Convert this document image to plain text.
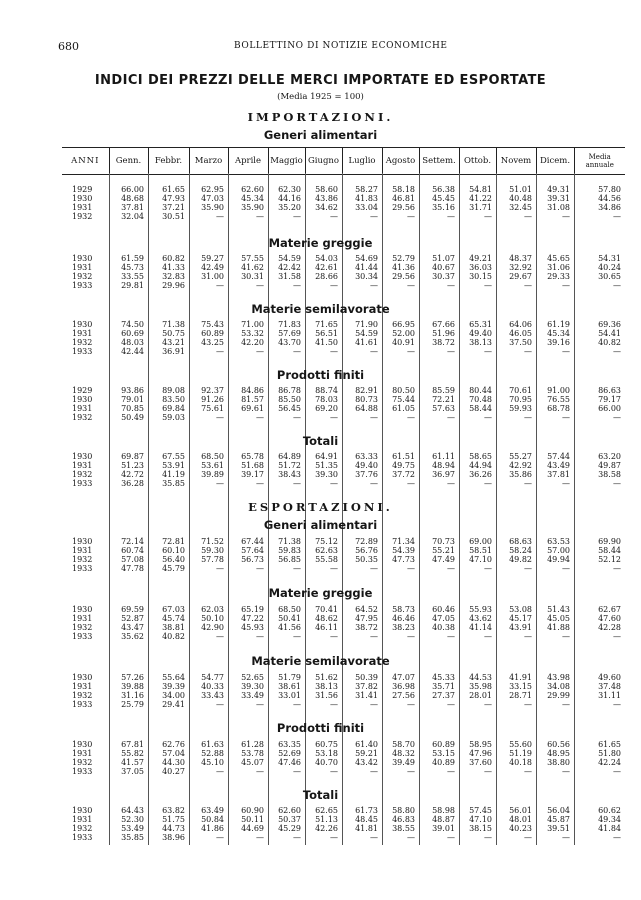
680	BOLLETTINO DI NOTIZIE ECONOMICHE
INDICI DEI PREZZI DELLE MERCI IMPORTATE ED ESPORTATE
(Media 1925 = 100)
IMPORTAZIONI.
Generi alimentari
ANNI	Genn.	Febbr.	Marzo	Aprile	Maggio	Giugno	Luglio	Agosto	Settem.	Ottob.	Novem	Dicem.	Media
annuale
1929	66.00	61.65	62.95	62.60	62.30	58.60	58.27	58.18	56.38	54.81	51.01	49.31	57.80
1930	48.68	47.93	47.03	45.34	44.16	43.86	41.83	46.81	45.45	41.22	40.48	39.31	44.56
1931	37.81	37.21	35.90	35.90	35.20	34.62	33.04	29.56	35.16	31.71	32.45	31.08	34.86
1932	32.04	30.51	—	—	—	—	—	—	—	—	—	—	—
Materie greggie
1930	61.59	60.82	59.27	57.55	54.59	54.03	54.69	52.79	51.07	49.21	48.37	45.65	54.31
1931	45.73	41.33	42.49	41.62	42.42	42.61	41.44	41.36	40.67	36.03	32.92	31.06	40.24
1932	33.55	32.83	31.00	30.31	31.58	28.66	30.34	29.56	30.37	30.15	29.67	29.33	30.65
1933	29.81	29.96	—	—	—	—	—	—	—	—	—	—	—
Materie semilavorate
1930	74.50	71.38	75.43	71.00	71.83	71.65	71.90	66.95	67.66	65.31	64.06	61.19	69.36
1931	60.69	50.75	60.89	53.32	57.69	56.51	54.59	52.00	51.96	49.40	46.05	45.34	54.41
1932	48.03	43.21	43.25	42.20	43.70	41.50	41.61	40.91	38.72	38.13	37.50	39.16	40.82
1933	42.44	36.91	—	—	—	—	—	—	—	—	—	—	—
Prodotti finiti
1929	93.86	89.08	92.37	84.86	86.78	88.74	82.91	80.50	85.59	80.44	70.61	91.00	86.63
1930	79.01	83.50	91.26	81.57	85.50	78.03	80.73	75.44	72.21	70.48	70.95	76.55	79.17
1931	70.85	69.84	75.61	69.61	56.45	69.20	64.88	61.05	57.63	58.44	59.93	68.78	66.00
1932	50.49	59.03	—	—	—	—	—	—	—	—	—	—	—
Totali
1930	69.87	67.55	68.50	65.78	64.89	64.91	63.33	61.51	61.11	58.65	55.27	57.44	63.20
1931	51.23	53.91	53.61	51.68	51.72	51.35	49.40	49.75	48.94	44.94	42.92	43.49	49.87
1932	42.72	41.19	39.89	39.17	38.43	39.30	37.76	37.72	36.97	36.26	35.86	37.81	38.58
1933	36.28	35.85	—	—	—	—	—	—	—	—	—	—	—
ESPORTAZIONI.
Generi alimentari
1930	72.14	72.81	71.52	67.44	71.38	75.12	72.89	71.34	70.73	69.00	68.63	63.53	69.90
1931	60.74	60.10	59.30	57.64	59.83	62.63	56.76	54.39	55.21	58.51	58.24	57.00	58.44
1932	57.08	56.40	57.78	56.73	56.85	55.58	50.35	47.73	47.49	47.10	49.82	49.94	52.12
1933	47.78	45.79	—	—	—	—	—	—	—	—	—	—	—
Materie greggie
1930	69.59	67.03	62.03	65.19	68.50	70.41	64.52	58.73	60.46	55.93	53.08	51.43	62.67
1931	52.87	45.74	50.10	47.22	50.41	48.62	47.95	46.46	47.05	43.62	45.17	45.05	47.60
1932	43.47	38.81	42.90	45.93	41.56	46.11	38.72	38.23	40.38	41.14	43.91	41.88	42.28
1933	35.62	40.82	—	—	—	—	—	—	—	—	—	—	—
Materie semilavorate
1930	57.26	55.64	54.77	52.65	51.79	51.62	50.39	47.07	45.33	44.53	41.91	43.98	49.60
1931	39.88	39.39	40.33	39.30	38.61	38.13	37.82	36.98	35.71	35.98	33.15	34.08	37.48
1932	31.16	34.00	33.43	33.49	33.01	31.56	31.41	27.56	27.37	28.01	28.71	29.99	31.11
1933	25.79	29.41	—	—	—	—	—	—	—	—	—	—	—
Prodotti finiti
1930	67.81	62.76	61.63	61.28	63.35	60.75	61.40	58.70	60.89	58.95	55.60	60.56	61.65
1931	55.82	57.04	52.88	53.78	52.69	53.18	59.21	48.32	53.15	47.96	51.19	48.95	51.80
1932	41.57	44.30	45.10	45.07	47.46	40.70	43.42	39.49	40.89	37.60	40.18	38.80	42.24
1933	37.05	40.27	—	—	—	—	—	—	—	—	—	—	—
Totali
1930	64.43	63.82	63.49	60.90	62.60	62.65	61.73	58.80	58.98	57.45	56.01	56.04	60.62
1931	52.30	51.75	50.84	50.11	50.37	51.13	48.45	46.83	48.87	47.10	48.01	45.87	49.34
1932	53.49	44.73	41.86	44.69	45.29	42.26	41.81	38.55	39.01	38.15	40.23	39.51	41.84
1933	35.85	38.96	—	—	—	—	—	—	—	—	—	—	—
